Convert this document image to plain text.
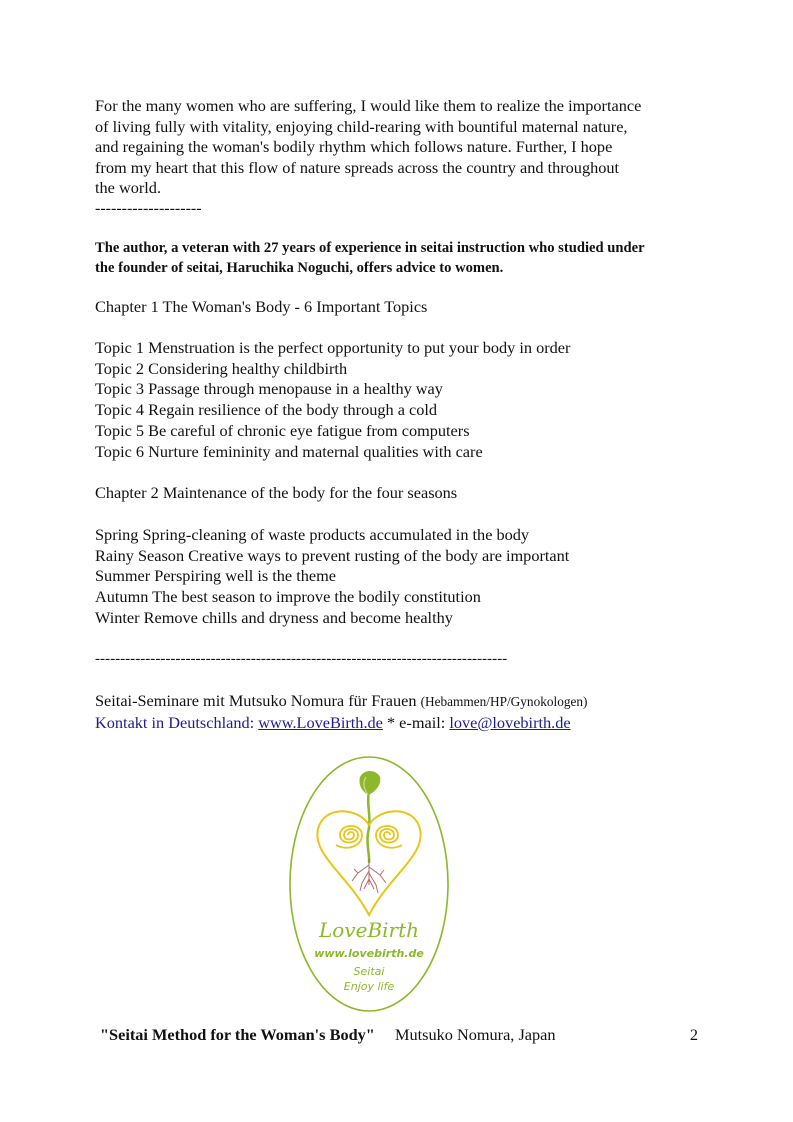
For the many women who are suffering, I would like them to realize the importance

of living fully with vitality, enjoying child-rearing with bountiful maternal nature,

and regaining the woman's bodily rhythm which follows nature. Further, I hope

from my heart that this flow of nature spreads across the country and throughout

the world.

--------------------

The author, a veteran with 27 years of experience in seitai instruction who studied under
the founder of seitai, Haruchika Noguchi, offers advice to women.

Chapter 1 The Woman's Body - 6 Important Topics

Topic 1 Menstruation is the perfect opportunity to put your body in order

Topic 2 Considering healthy childbirth

Topic 3 Passage through menopause in a healthy way

Topic 4 Regain resilience of the body through a cold

Topic 5 Be careful of chronic eye fatigue from computers

Topic 6 Nurture femininity and maternal qualities with care

Chapter 2 Maintenance of the body for the four seasons

Spring Spring-cleaning of waste products accumulated in the body

Rainy Season Creative ways to prevent rusting of the body are important

Summer Perspiring well is the theme

Autumn The best season to improve the bodily constitution

Winter Remove chills and dryness and become healthy

----------------------------------------------------------------------------------

Seitai-Seminare mit Mutsuko Nomura für Frauen (Hebammen/HP/Gynokologen)
Kontakt in Deutschland: www.LoveBirth.de * e-mail: love@lovebirth.de
LoveBirth
www.lovebirth.de
Seitai
Enjoy life
"Seitai Method for the Woman's Body" Mutsuko Nomura, Japan	2
